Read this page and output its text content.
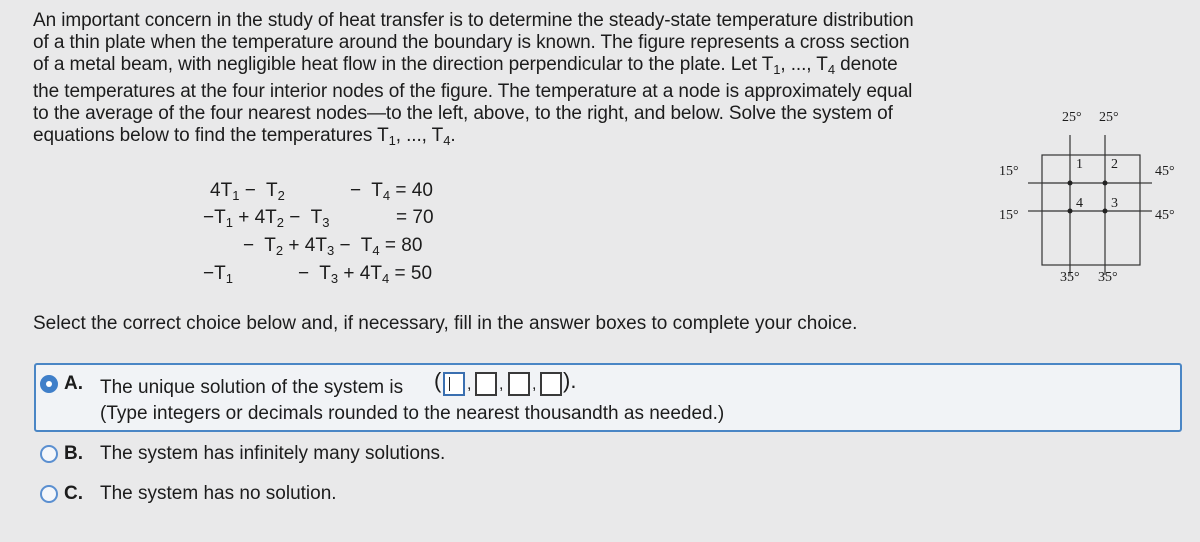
An important concern in the study of heat transfer is to determine the steady-state temperature distribution

of a thin plate when the temperature around the boundary is known. The figure represents a cross section

of a metal beam, with negligible heat flow in the direction perpendicular to the plate. Let $T_1$, ..., $T_4$ denote

the temperatures at the four interior nodes of the figure. The temperature at a node is approximately equal

to the average of the four nearest nodes—to the left, above, to the right, and below. Solve the system of

equations below to find the temperatures $T_1$, ..., $T_4$.

$4T_1 - T_2$	−  $T_4 = 40$
$-T_1 + 4T_2 - T_3$	= 70
−  $T_2 + 4T_3 - T_4 = 80$
$-T_1$	−  $T_3 + 4T_4 = 50$
25° 25°
15°
15°
45°
45°
35° 35°
1 2
4 3
Select the correct choice below and, if necessary, fill in the answer boxes to complete your choice.
A. The unique solution of the system is ( , , , ).
(Type integers or decimals rounded to the nearest thousandth as needed.)
B. The system has infinitely many solutions.
C. The system has no solution.
